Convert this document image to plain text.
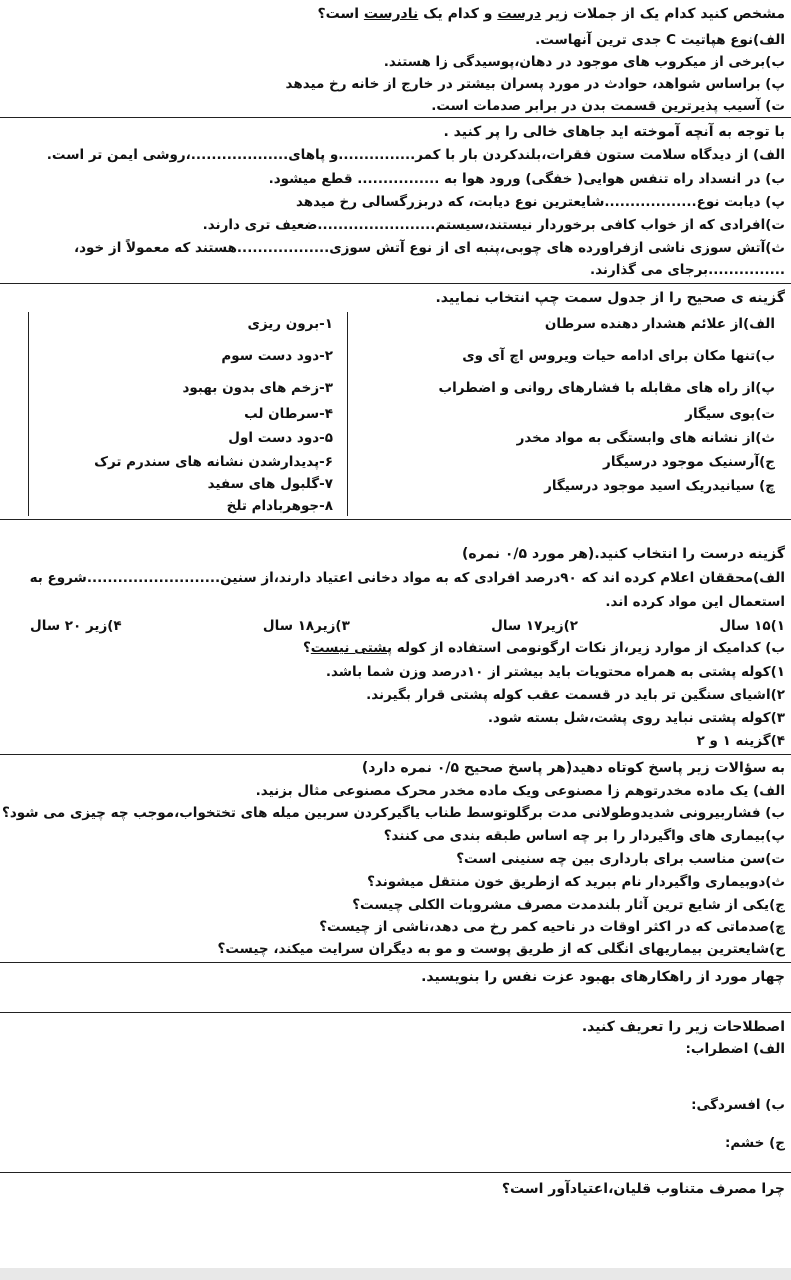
مشخص کنید کدام یک از جملات زیر درست و کدام یک نادرست است؟
الف)نوع هپاتیت C جدی ترین آنهاست.
ب)برخی از میکروب های موجود در دهان،پوسیدگی زا هستند.
پ) براساس شواهد، حوادث در مورد پسران بیشتر در خارج از خانه رخ میدهد
ت) آسیب پذیرترین قسمت بدن در برابر صدمات است.
با توجه به آنچه آموخته اید جاهای خالی را پر کنید .
الف) از دیدگاه سلامت ستون فقرات،بلندکردن بار با کمر...............و پاهای...................،روشی ایمن تر است.
ب) در انسداد راه تنفس هوایی( خفگی) ورود هوا به ................ قطع میشود.
پ) دیابت نوع..................شایعترین نوع دیابت، که دربزرگسالی رخ میدهد
ت)افرادی که از خواب کافی برخوردار نیستند،سیستم.......................ضعیف تری دارند.
ث)آتش سوزی ناشی ازفراورده های چوبی،پنبه ای از نوع آتش سوزی..................هستند که معمولاً از خود،
...............برجای می گذارند.
گزینه ی صحیح را از جدول سمت چپ انتخاب نمایید.
الف)از علائم هشدار دهنده سرطان
ب)تنها مکان برای ادامه حیات ویروس اچ آی وی
پ)از راه های مقابله با فشارهای روانی و اضطراب
ت)بوی سیگار
ث)از نشانه های وابستگی به مواد مخدر
ج)آرسنیک موجود درسیگار
چ) سیانیدریک اسید موجود درسیگار
۱-برون ریزی
۲-دود دست سوم
۳-زخم های بدون بهبود
۴-سرطان لب
۵-دود دست اول
۶-پدیدارشدن نشانه های سندرم ترک
۷-گلبول های سفید
۸-جوهربادام تلخ
گزینه درست را انتخاب کنید.(هر مورد ۰/۵ نمره)
الف)محققان اعلام کرده اند که ۹۰درصد افرادی که به مواد دخانی اعتیاد دارند،از سنین..........................شروع به
استعمال این مواد کرده اند.
۱)۱۵ سال
۲)زیر۱۷ سال
۳)زیر۱۸ سال
۴)زیر ۲۰ سال
ب) کدامیک از موارد زیر،از نکات ارگونومی استفاده از کوله پشتی نیست؟
۱)کوله پشتی به همراه محتویات باید بیشتر از ۱۰درصد وزن شما باشد.
۲)اشیای سنگین تر باید در قسمت عقب کوله پشتی قرار بگیرند.
۳)کوله پشتی نباید روی پشت،شل بسته شود.
۴)گزینه ۱ و ۲
به سؤالات زیر پاسخ کوتاه دهید(هر پاسخ صحیح ۰/۵ نمره دارد)
الف) یک ماده مخدرتوهم زا مصنوعی ویک ماده مخدر محرک مصنوعی مثال بزنید.
ب) فشاربیرونی شدیدوطولانی مدت برگلوتوسط طناب یاگیرکردن سربین میله های تختخواب،موجب چه چیزی می شود؟
پ)بیماری های واگیردار را بر چه اساس طبقه بندی می کنند؟
ت)سن مناسب برای بارداری بین چه سنینی است؟
ث)دوبیماری واگیردار نام ببرید که ازطریق خون منتقل میشوند؟
ج)یکی از شایع ترین آثار بلندمدت مصرف مشروبات الکلی چیست؟
چ)صدماتی که در اکثر اوقات در ناحیه کمر رخ می دهد،ناشی از چیست؟
ح)شایعترین بیماریهای انگلی که از طریق پوست و مو به دیگران سرایت میکند، چیست؟
چهار مورد از راهکارهای بهبود عزت نفس را بنویسید.
اصطلاحات زیر را تعریف کنید.
الف) اضطراب:
ب) افسردگی:
ج) خشم:
چرا مصرف متناوب قلیان،اعتیادآور است؟
